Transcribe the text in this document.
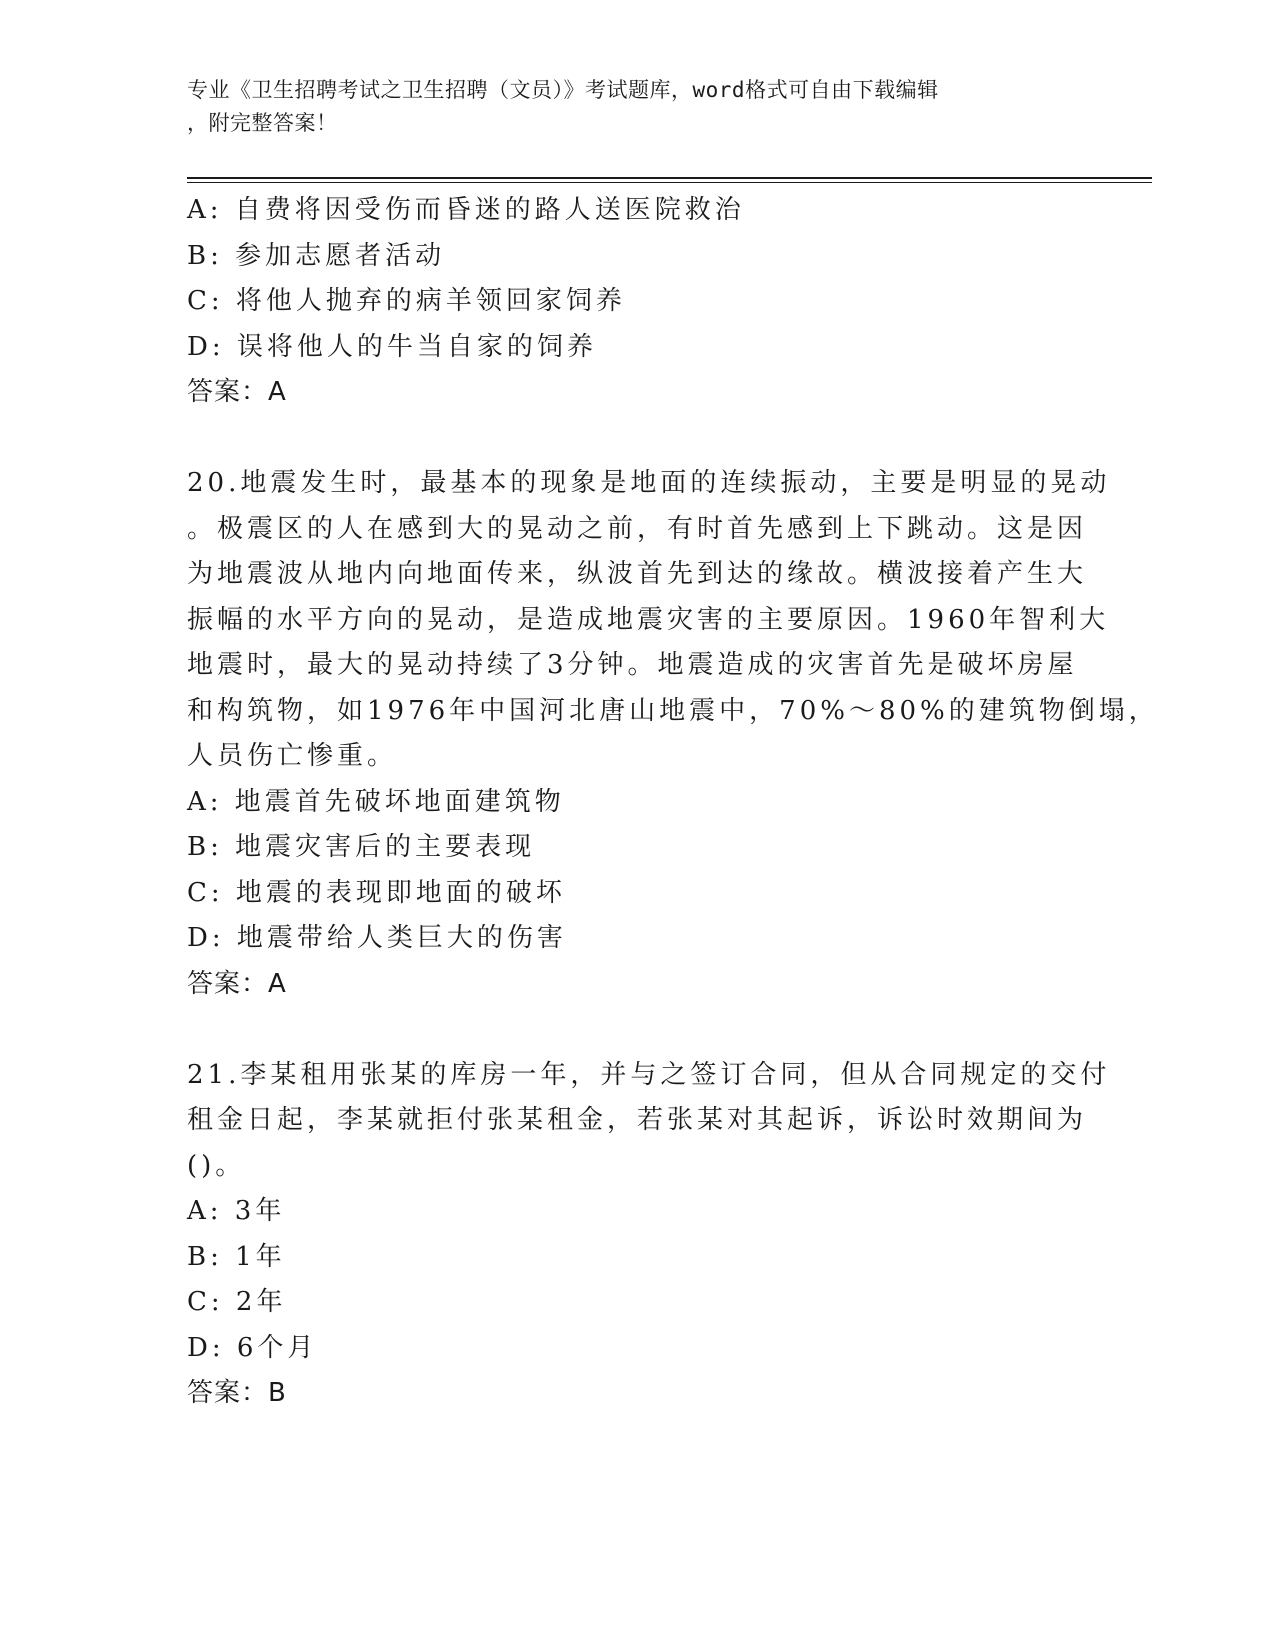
专业《卫生招聘考试之卫生招聘（文员）》考试题库，word格式可自由下载编辑
，附完整答案！
A: 自费将因受伤而昏迷的路人送医院救治
B: 参加志愿者活动
C: 将他人抛弃的病羊领回家饲养
D: 误将他人的牛当自家的饲养
答案：A
20.地震发生时，最基本的现象是地面的连续振动，主要是明显的晃动
。极震区的人在感到大的晃动之前，有时首先感到上下跳动。这是因
为地震波从地内向地面传来，纵波首先到达的缘故。横波接着产生大
振幅的水平方向的晃动，是造成地震灾害的主要原因。1960年智利大
地震时，最大的晃动持续了3分钟。地震造成的灾害首先是破坏房屋
和构筑物，如1976年中国河北唐山地震中，70%～80%的建筑物倒塌，
人员伤亡惨重。
A: 地震首先破坏地面建筑物
B: 地震灾害后的主要表现
C: 地震的表现即地面的破坏
D: 地震带给人类巨大的伤害
答案：A
21.李某租用张某的库房一年，并与之签订合同，但从合同规定的交付
租金日起，李某就拒付张某租金，若张某对其起诉，诉讼时效期间为
()。
A: 3年
B: 1年
C: 2年
D: 6个月
答案：B
